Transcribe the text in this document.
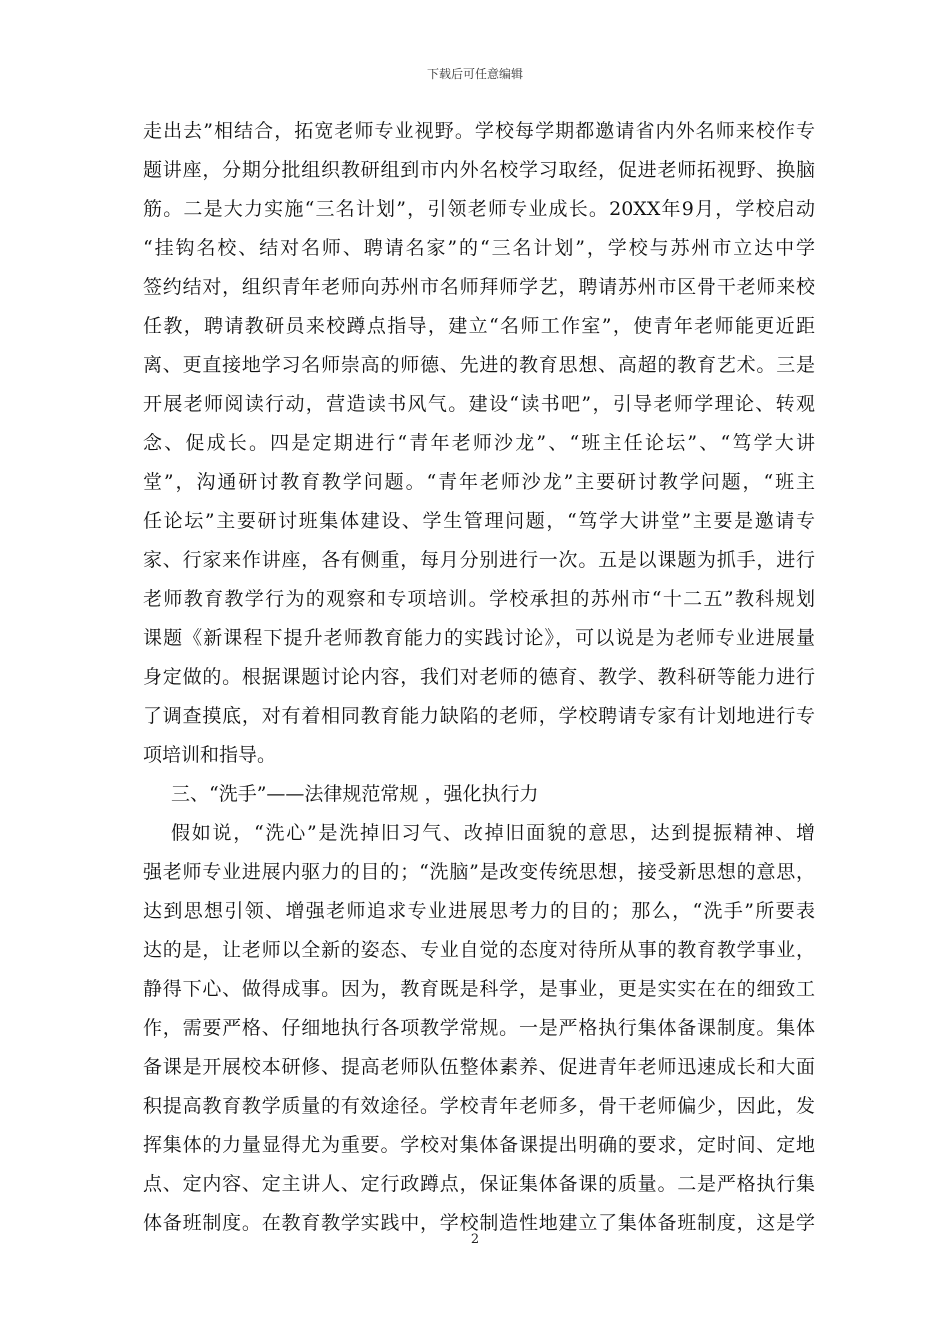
下载后可任意编辑
走出去”相结合，拓宽老师专业视野。学校每学期都邀请省内外名师来校作专
题讲座，分期分批组织教研组到市内外名校学习取经，促进老师拓视野、换脑
筋。二是大力实施“三名计划”，引领老师专业成长。20XX年9月，学校启动
“挂钩名校、结对名师、聘请名家”的“三名计划”，学校与苏州市立达中学
签约结对，组织青年老师向苏州市名师拜师学艺，聘请苏州市区骨干老师来校
任教，聘请教研员来校蹲点指导，建立“名师工作室”，使青年老师能更近距
离、更直接地学习名师崇高的师德、先进的教育思想、高超的教育艺术。三是
开展老师阅读行动，营造读书风气。建设“读书吧”，引导老师学理论、转观
念、促成长。四是定期进行“青年老师沙龙”、“班主任论坛”、“笃学大讲
堂”，沟通研讨教育教学问题。“青年老师沙龙”主要研讨教学问题，“班主
任论坛”主要研讨班集体建设、学生管理问题，“笃学大讲堂”主要是邀请专
家、行家来作讲座，各有侧重，每月分别进行一次。五是以课题为抓手，进行
老师教育教学行为的观察和专项培训。学校承担的苏州市“十二五”教科规划
课题《新课程下提升老师教育能力的实践讨论》，可以说是为老师专业进展量
身定做的。根据课题讨论内容，我们对老师的德育、教学、教科研等能力进行
了调查摸底，对有着相同教育能力缺陷的老师，学校聘请专家有计划地进行专
项培训和指导。
三、“洗手”——法律规范常规 ，强化执行力
假如说，“洗心”是洗掉旧习气、改掉旧面貌的意思，达到提振精神、增
强老师专业进展内驱力的目的；“洗脑”是改变传统思想，接受新思想的意思，
达到思想引领、增强老师追求专业进展思考力的目的；那么，“洗手”所要表
达的是，让老师以全新的姿态、专业自觉的态度对待所从事的教育教学事业，
静得下心、做得成事。因为，教育既是科学，是事业，更是实实在在的细致工
作，需要严格、仔细地执行各项教学常规。一是严格执行集体备课制度。集体
备课是开展校本研修、提高老师队伍整体素养、促进青年老师迅速成长和大面
积提高教育教学质量的有效途径。学校青年老师多，骨干老师偏少，因此，发
挥集体的力量显得尤为重要。学校对集体备课提出明确的要求，定时间、定地
点、定内容、定主讲人、定行政蹲点，保证集体备课的质量。二是严格执行集
体备班制度。在教育教学实践中，学校制造性地建立了集体备班制度，这是学
2
